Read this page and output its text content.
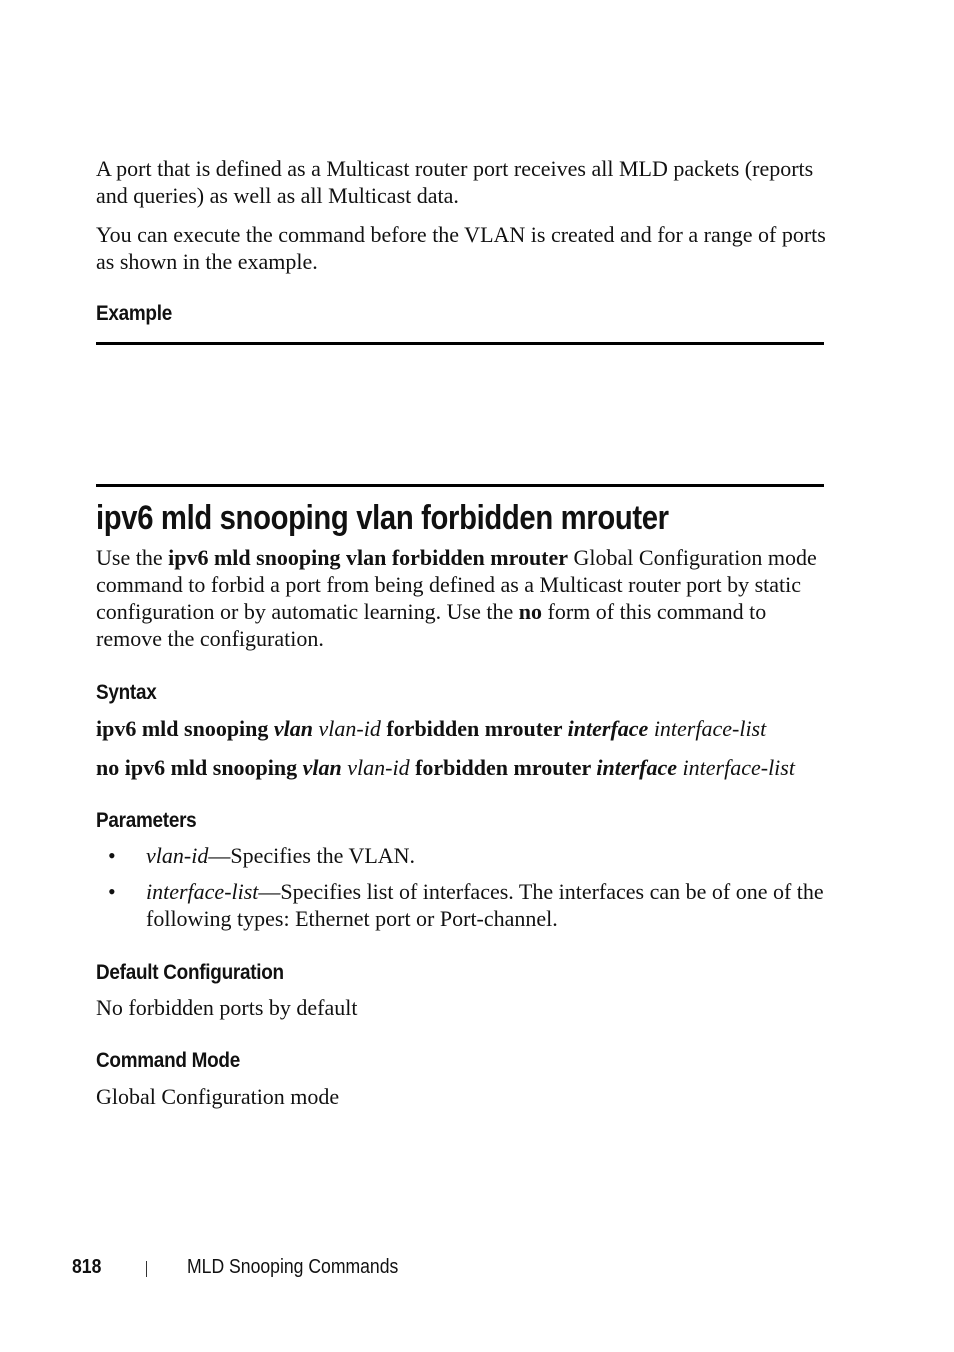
A port that is defined as a Multicast router port receives all MLD packets (reports and queries) as well as all Multicast data.

You can execute the command before the VLAN is created and for a range of ports as shown in the example.

Example
ipv6 mld snooping vlan forbidden mrouter

Use the ipv6 mld snooping vlan forbidden mrouter Global Configuration mode command to forbid a port from being defined as a Multicast router port by static configuration or by automatic learning. Use the no form of this command to remove the configuration.

Syntax

ipv6 mld snooping vlan vlan-id forbidden mrouter interface interface-list

no ipv6 mld snooping vlan vlan-id forbidden mrouter interface interface-list

Parameters
• vlan-id—Specifies the VLAN.

• interface-list—Specifies list of interfaces. The interfaces can be of one of the following types: Ethernet port or Port-channel.

Default Configuration

No forbidden ports by default

Command Mode

Global Configuration mode

818	MLD Snooping Commands
